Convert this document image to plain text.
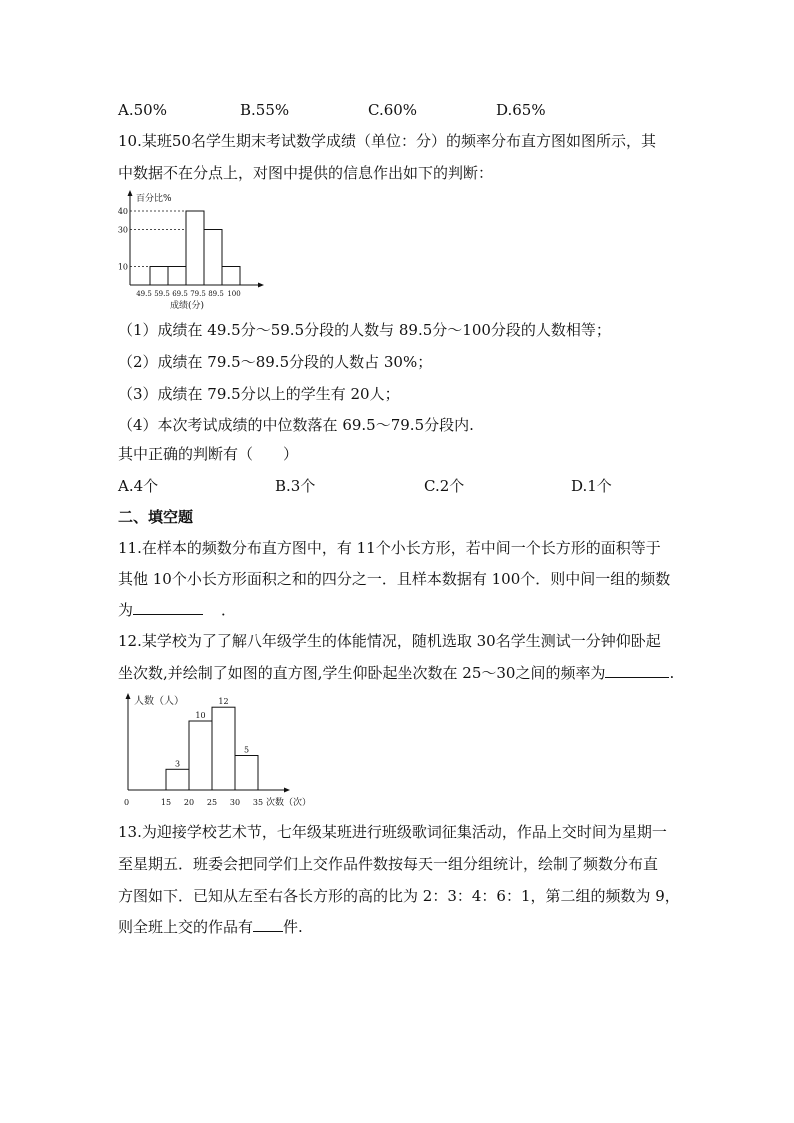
A.50%	B.55%	C.60%	D.65%
10.某班50名学生期末考试数学成绩（单位：分）的频率分布直方图如图所示，其
中数据不在分点上，对图中提供的信息作出如下的判断：
百分比%
10
30
40
49.5 59.5 69.5 79.5 89.5 100
成绩(分)
（1）成绩在 49.5分～59.5分段的人数与 89.5分～100分段的人数相等；
（2）成绩在 79.5～89.5分段的人数占 30%；
（3）成绩在 79.5分以上的学生有 20人；
（4）本次考试成绩的中位数落在 69.5～79.5分段内.
其中正确的判断有（　　）
A.4个	B.3个	C.2个	D.1个
二、填空题
11.在样本的频数分布直方图中，有 11个小长方形，若中间一个长方形的面积等于
其他 10个小长方形面积之和的四分之一．且样本数据有 100个．则中间一组的频数
为	．
12.某学校为了了解八年级学生的体能情况，随机选取 30名学生测试一分钟仰卧起
坐次数,并绘制了如图的直方图,学生仰卧起坐次数在 25～30之间的频率为	.
人数（人）
0	15 20 25 30 35
3
10
12
5
次数（次）
13.为迎接学校艺术节，七年级某班进行班级歌词征集活动，作品上交时间为星期一
至星期五．班委会把同学们上交作品件数按每天一组分组统计，绘制了频数分布直
方图如下．已知从左至右各长方形的高的比为 2：3：4：6：1，第二组的频数为 9，
则全班上交的作品有 件.
